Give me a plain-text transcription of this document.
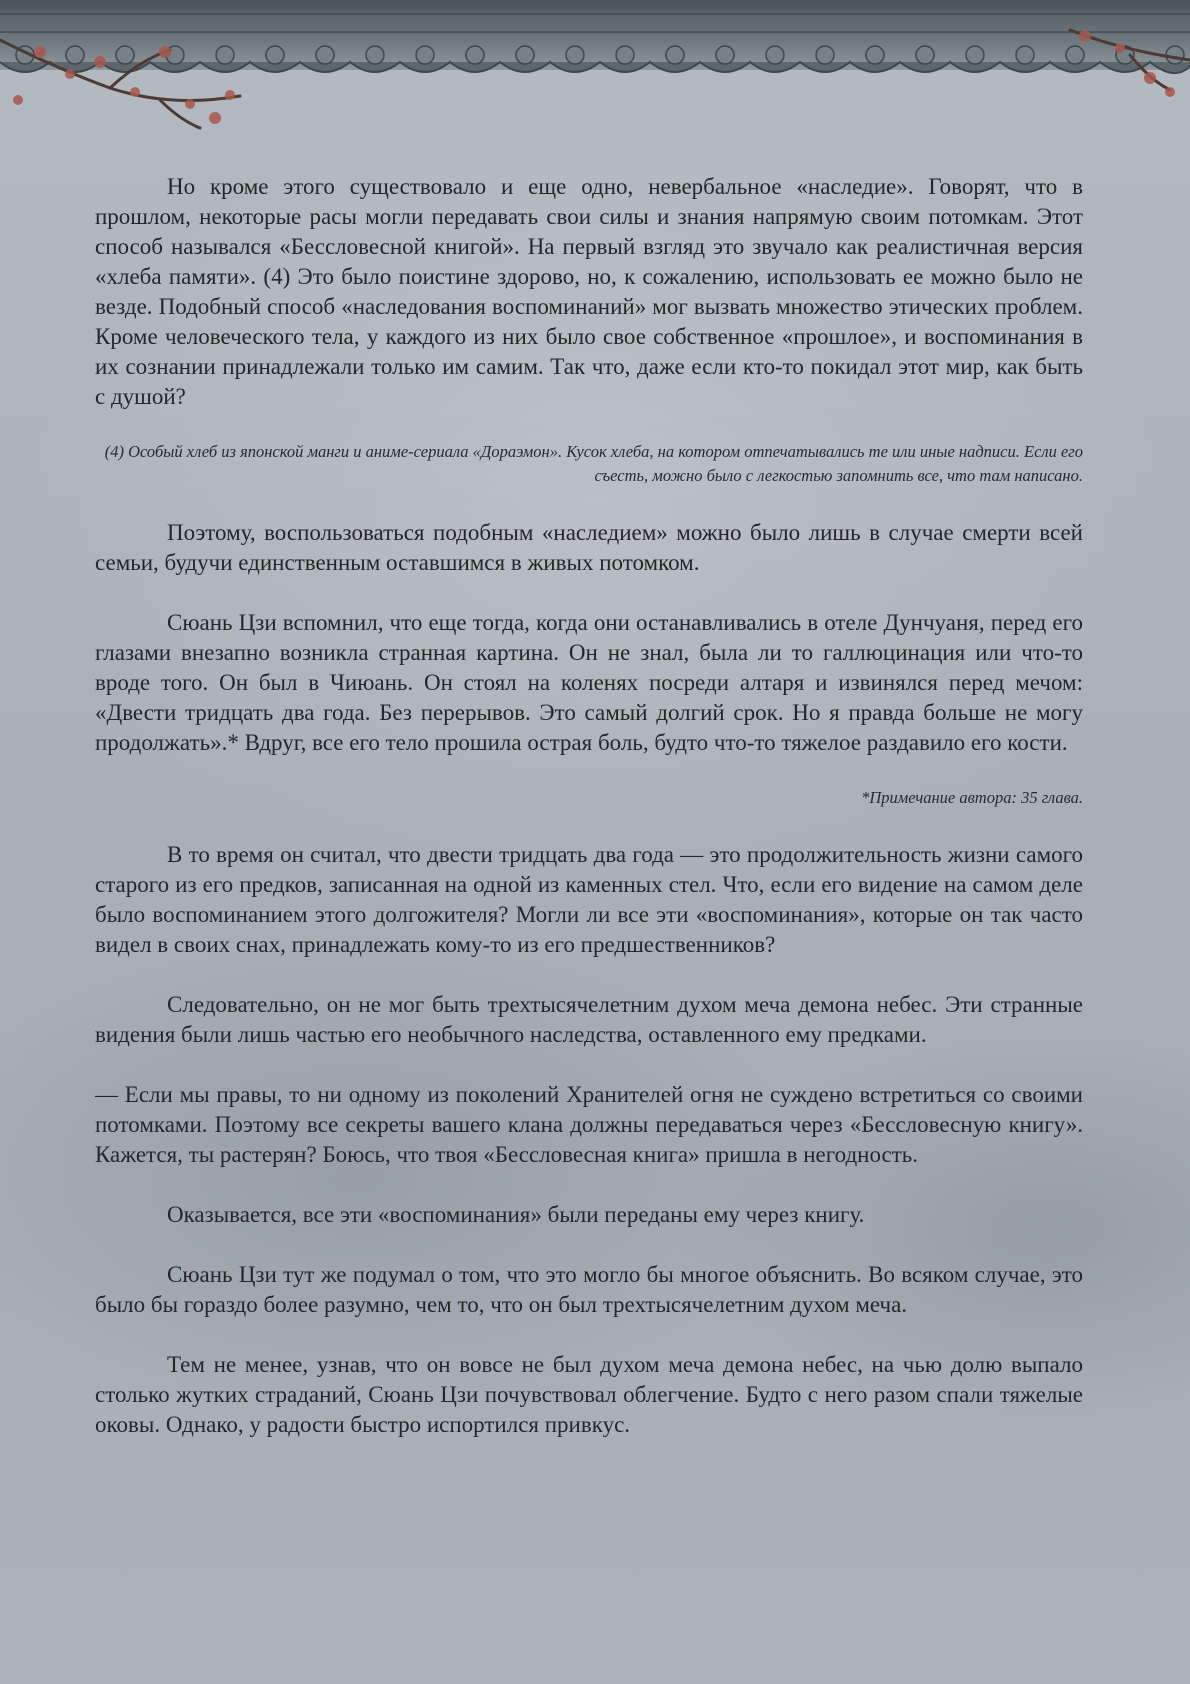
Но кроме этого существовало и еще одно, невербальное «наследие». Говорят, что в прошлом, некоторые расы могли передавать свои силы и знания напрямую своим потомкам. Этот способ назывался «Бессловесной книгой». На первый взгляд это звучало как реалистичная версия «хлеба памяти». (4) Это было поистине здорово, но, к сожалению, использовать ее можно было не везде. Подобный способ «наследования воспоминаний» мог вызвать множество этических проблем. Кроме человеческого тела, у каждого из них было свое собственное «прошлое», и воспоминания в их сознании принадлежали только им самим. Так что, даже если кто-то покидал этот мир, как быть с душой?

(4) Особый хлеб из японской манги и аниме-сериала «Дораэмон». Кусок хлеба, на котором отпечатывались те или иные надписи. Если его съесть, можно было с легкостью запомнить все, что там написано.

Поэтому, воспользоваться подобным «наследием» можно было лишь в случае смерти всей семьи, будучи единственным оставшимся в живых потомком.

Сюань Цзи вспомнил, что еще тогда, когда они останавливались в отеле Дунчуаня, перед его глазами внезапно возникла странная картина. Он не знал, была ли то галлюцинация или что-то вроде того. Он был в Чиюань. Он стоял на коленях посреди алтаря и извинялся перед мечом: «Двести тридцать два года. Без перерывов. Это самый долгий срок. Но я правда больше не могу продолжать».* Вдруг, все его тело прошила острая боль, будто что-то тяжелое раздавило его кости.

*Примечание автора: 35 глава.

В то время он считал, что двести тридцать два года — это продолжительность жизни самого старого из его предков, записанная на одной из каменных стел. Что, если его видение на самом деле было воспоминанием этого долгожителя? Могли ли все эти «воспоминания», которые он так часто видел в своих снах, принадлежать кому-то из его предшественников?

Следовательно, он не мог быть трехтысячелетним духом меча демона небес. Эти странные видения были лишь частью его необычного наследства, оставленного ему предками.

— Если мы правы, то ни одному из поколений Хранителей огня не суждено встретиться со своими потомками. Поэтому все секреты вашего клана должны передаваться через «Бессловесную книгу». Кажется, ты растерян? Боюсь, что твоя «Бессловесная книга» пришла в негодность.

Оказывается, все эти «воспоминания» были переданы ему через книгу.

Сюань Цзи тут же подумал о том, что это могло бы многое объяснить. Во всяком случае, это было бы гораздо более разумно, чем то, что он был трехтысячелетним духом меча.

Тем не менее, узнав, что он вовсе не был духом меча демона небес, на чью долю выпало столько жутких страданий, Сюань Цзи почувствовал облегчение. Будто с него разом спали тяжелые оковы. Однако, у радости быстро испортился привкус.
